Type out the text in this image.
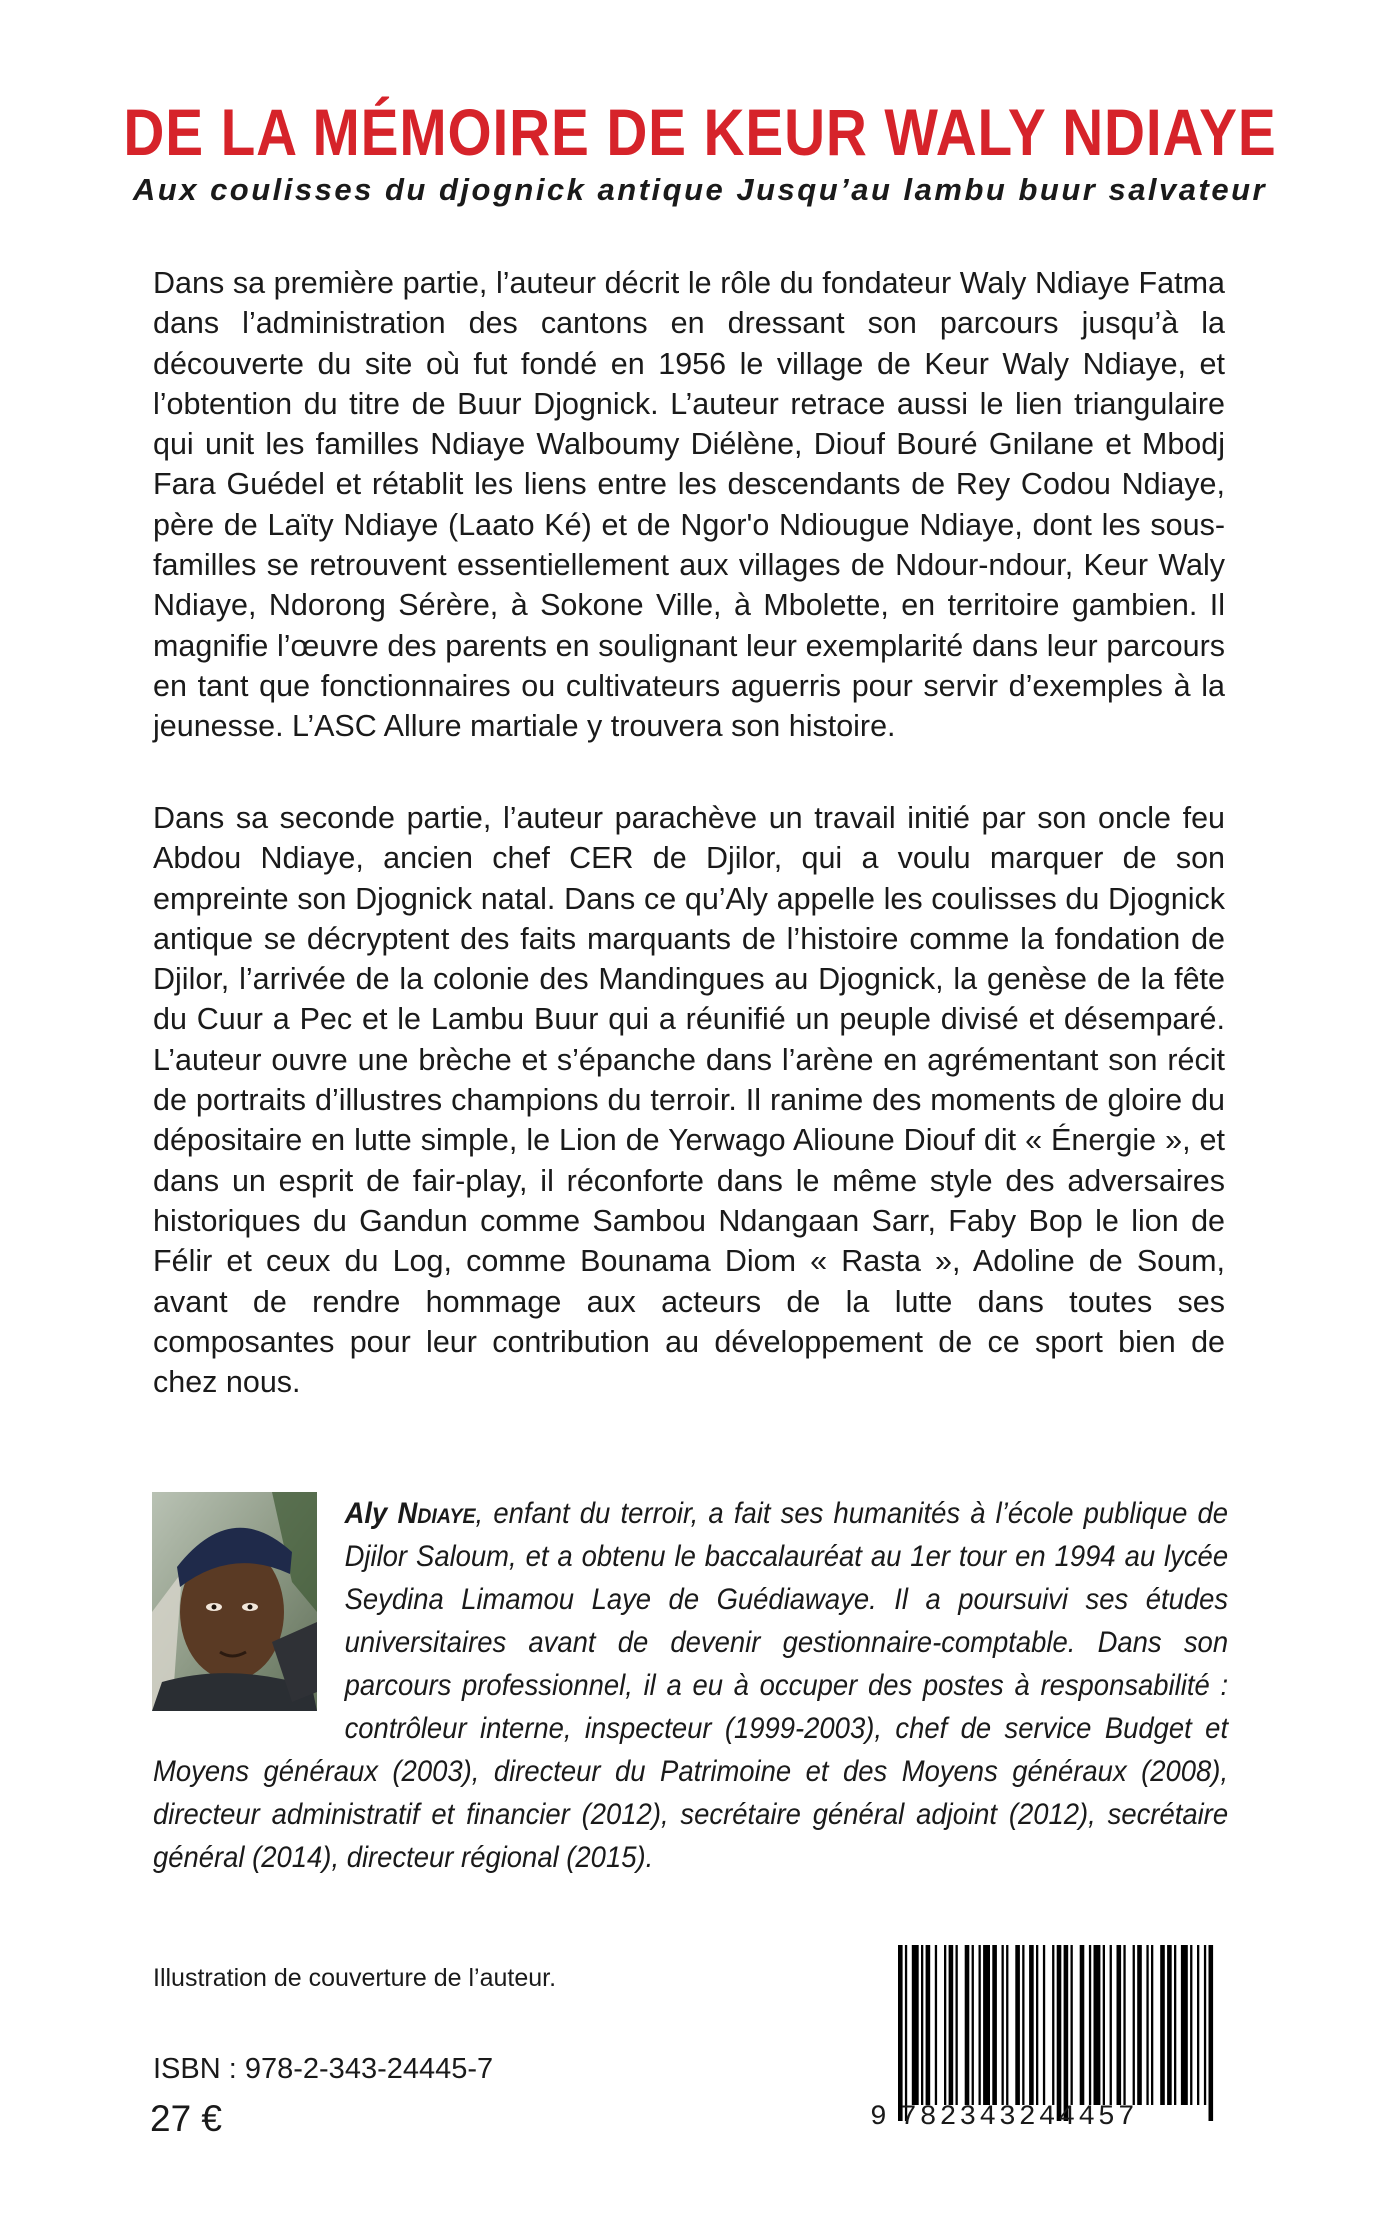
DE LA MÉMOIRE DE KEUR WALY NDIAYE
Aux coulisses du djognick antique Jusqu’au lambu buur salvateur

Dans sa première partie, l’auteur décrit le rôle du fondateur Waly Ndiaye Fatma dans l’administration des cantons en dressant son parcours jusqu’à la découverte du site où fut fondé en 1956 le village de Keur Waly Ndiaye, et l’obtention du titre de Buur Djognick. L’auteur retrace aussi le lien triangulaire qui unit les familles Ndiaye Walboumy Diélène, Diouf Bouré Gnilane et Mbodj Fara Guédel et rétablit les liens entre les descendants de Rey Codou Ndiaye, père de Laïty Ndiaye (Laato Ké) et de Ngor'o Ndiougue Ndiaye, dont les sous-familles se retrouvent essentiellement aux villages de Ndour-ndour, Keur Waly Ndiaye, Ndorong Sérère, à Sokone Ville, à Mbolette, en territoire gambien. Il magnifie l’œuvre des parents en soulignant leur exemplarité dans leur parcours en tant que fonctionnaires ou cultivateurs aguerris pour servir d’exemples à la jeunesse. L’ASC Allure martiale y trouvera son histoire.

Dans sa seconde partie, l’auteur parachève un travail initié par son oncle feu Abdou Ndiaye, ancien chef CER de Djilor, qui a voulu marquer de son empreinte son Djognick natal. Dans ce qu’Aly appelle les coulisses du Djognick antique se décryptent des faits marquants de l’histoire comme la fondation de Djilor, l’arrivée de la colonie des Mandingues au Djognick, la genèse de la fête du Cuur a Pec et le Lambu Buur qui a réunifié un peuple divisé et désemparé. L’auteur ouvre une brèche et s’épanche dans l’arène en agrémentant son récit de portraits d’illustres champions du terroir. Il ranime des moments de gloire du dépositaire en lutte simple, le Lion de Yerwago Alioune Diouf dit « Énergie », et dans un esprit de fair-play, il réconforte dans le même style des adversaires historiques du Gandun comme Sambou Ndangaan Sarr, Faby Bop le lion de Félir et ceux du Log, comme Bounama Diom « Rasta », Adoline de Soum, avant de rendre hommage aux acteurs de la lutte dans toutes ses composantes pour leur contribution au développement de ce sport bien de chez nous.

Aly Ndiaye, enfant du terroir, a fait ses humanités à l’école publique de Djilor Saloum, et a obtenu le baccalauréat au 1er tour en 1994 au lycée Seydina Limamou Laye de Guédiawaye. Il a poursuivi ses études universitaires avant de devenir gestionnaire-comptable. Dans son parcours professionnel, il a eu à occuper des postes à responsabilité : contrôleur interne, inspecteur (1999-2003), chef de service Budget et Moyens généraux (2003), directeur du Patrimoine et des Moyens généraux (2008), directeur administratif et financier (2012), secrétaire général adjoint (2012), secrétaire général (2014), directeur régional (2015).

Illustration de couverture de l’auteur.

ISBN : 978-2-343-24445-7

27 €	9 782343244457
